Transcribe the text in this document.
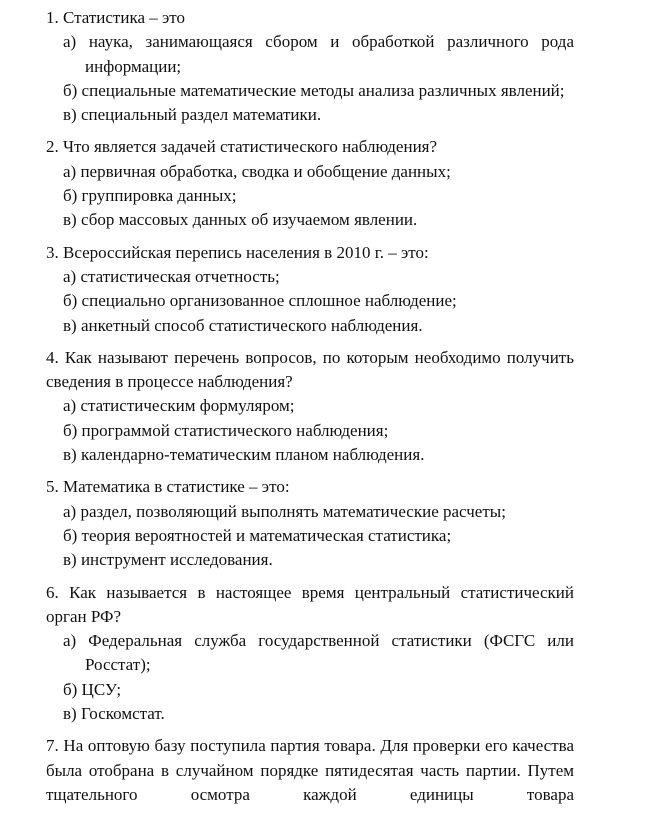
1. Статистика – это
а) наука, занимающаяся сбором и обработкой различного рода информации;
б) специальные математические методы анализа различных явлений;
в) специальный раздел математики.
2. Что является задачей статистического наблюдения?
а) первичная обработка, сводка и обобщение данных;
б) группировка данных;
в) сбор массовых данных об изучаемом явлении.
3. Всероссийская перепись населения в 2010 г. – это:
а) статистическая отчетность;
б) специально организованное сплошное наблюдение;
в) анкетный способ статистического наблюдения.
4. Как называют перечень вопросов, по которым необходимо получить сведения в процессе наблюдения?
а) статистическим формуляром;
б) программой статистического наблюдения;
в) календарно-тематическим планом наблюдения.
5. Математика в статистике – это:
а) раздел, позволяющий выполнять математические расчеты;
б) теория вероятностей и математическая статистика;
в) инструмент исследования.
6. Как называется в настоящее время центральный статистический орган РФ?
а) Федеральная служба государственной статистики (ФСГС или Росстат);
б) ЦСУ;
в) Госкомстат.
7. На оптовую базу поступила партия товара. Для проверки его качества была отобрана в случайном порядке пятидесятая часть партии. Путем тщательного осмотра каждой единицы товара
